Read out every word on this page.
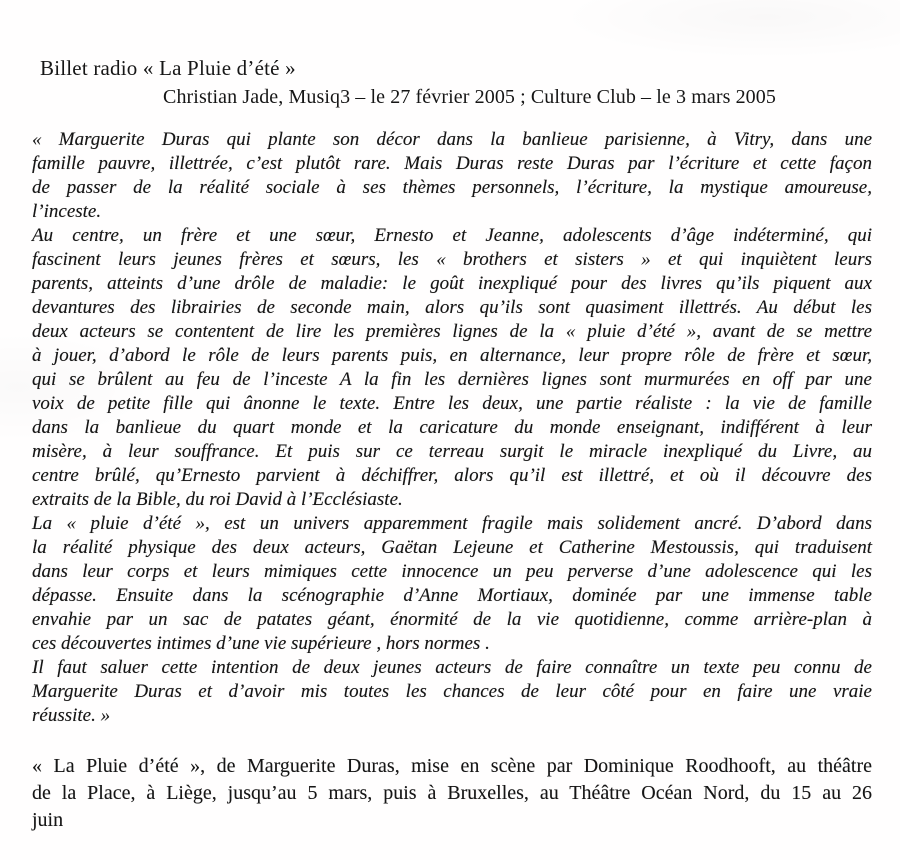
Billet radio « La Pluie d’été »
Christian Jade, Musiq3 – le 27 février 2005 ; Culture Club – le 3 mars 2005
« Marguerite Duras qui plante son décor dans la banlieue parisienne, à Vitry, dans une
famille pauvre, illettrée, c’est plutôt rare. Mais Duras reste Duras par l’écriture et cette façon
de passer de la réalité sociale à ses thèmes personnels, l’écriture, la mystique amoureuse,
l’inceste.
Au centre, un frère et une sœur, Ernesto et Jeanne, adolescents d’âge indéterminé, qui
fascinent leurs jeunes frères et sœurs, les « brothers et sisters » et qui inquiètent leurs
parents, atteints d’une drôle de maladie: le goût inexpliqué pour des livres qu’ils piquent aux
devantures des librairies de seconde main, alors qu’ils sont quasiment illettrés. Au début les
deux acteurs se contentent de lire les premières lignes de la « pluie d’été », avant de se mettre
à jouer, d’abord le rôle de leurs parents puis, en alternance, leur propre rôle de frère et sœur,
qui se brûlent au feu de l’inceste A la fin les dernières lignes sont murmurées en off par une
voix de petite fille qui ânonne le texte. Entre les deux, une partie réaliste : la vie de famille
dans la banlieue du quart monde et la caricature du monde enseignant, indifférent à leur
misère, à leur souffrance. Et puis sur ce terreau surgit le miracle inexpliqué du Livre, au
centre brûlé, qu’Ernesto parvient à déchiffrer, alors qu’il est illettré, et où il découvre des
extraits de la Bible, du roi David à l’Ecclésiaste.
La « pluie d’été », est un univers apparemment fragile mais solidement ancré. D’abord dans
la réalité physique des deux acteurs, Gaëtan Lejeune et Catherine Mestoussis, qui traduisent
dans leur corps et leurs mimiques cette innocence un peu perverse d’une adolescence qui les
dépasse. Ensuite dans la scénographie d’Anne Mortiaux, dominée par une immense table
envahie par un sac de patates géant, énormité de la vie quotidienne, comme arrière-plan à
ces découvertes intimes d’une vie supérieure , hors normes .
Il faut saluer cette intention de deux jeunes acteurs de faire connaître un texte peu connu de
Marguerite Duras et d’avoir mis toutes les chances de leur côté pour en faire une vraie
réussite. »
« La Pluie d’été », de Marguerite Duras, mise en scène par Dominique Roodhooft, au théâtre
de la Place, à Liège, jusqu’au 5 mars, puis à Bruxelles, au Théâtre Océan Nord, du 15 au 26
juin
